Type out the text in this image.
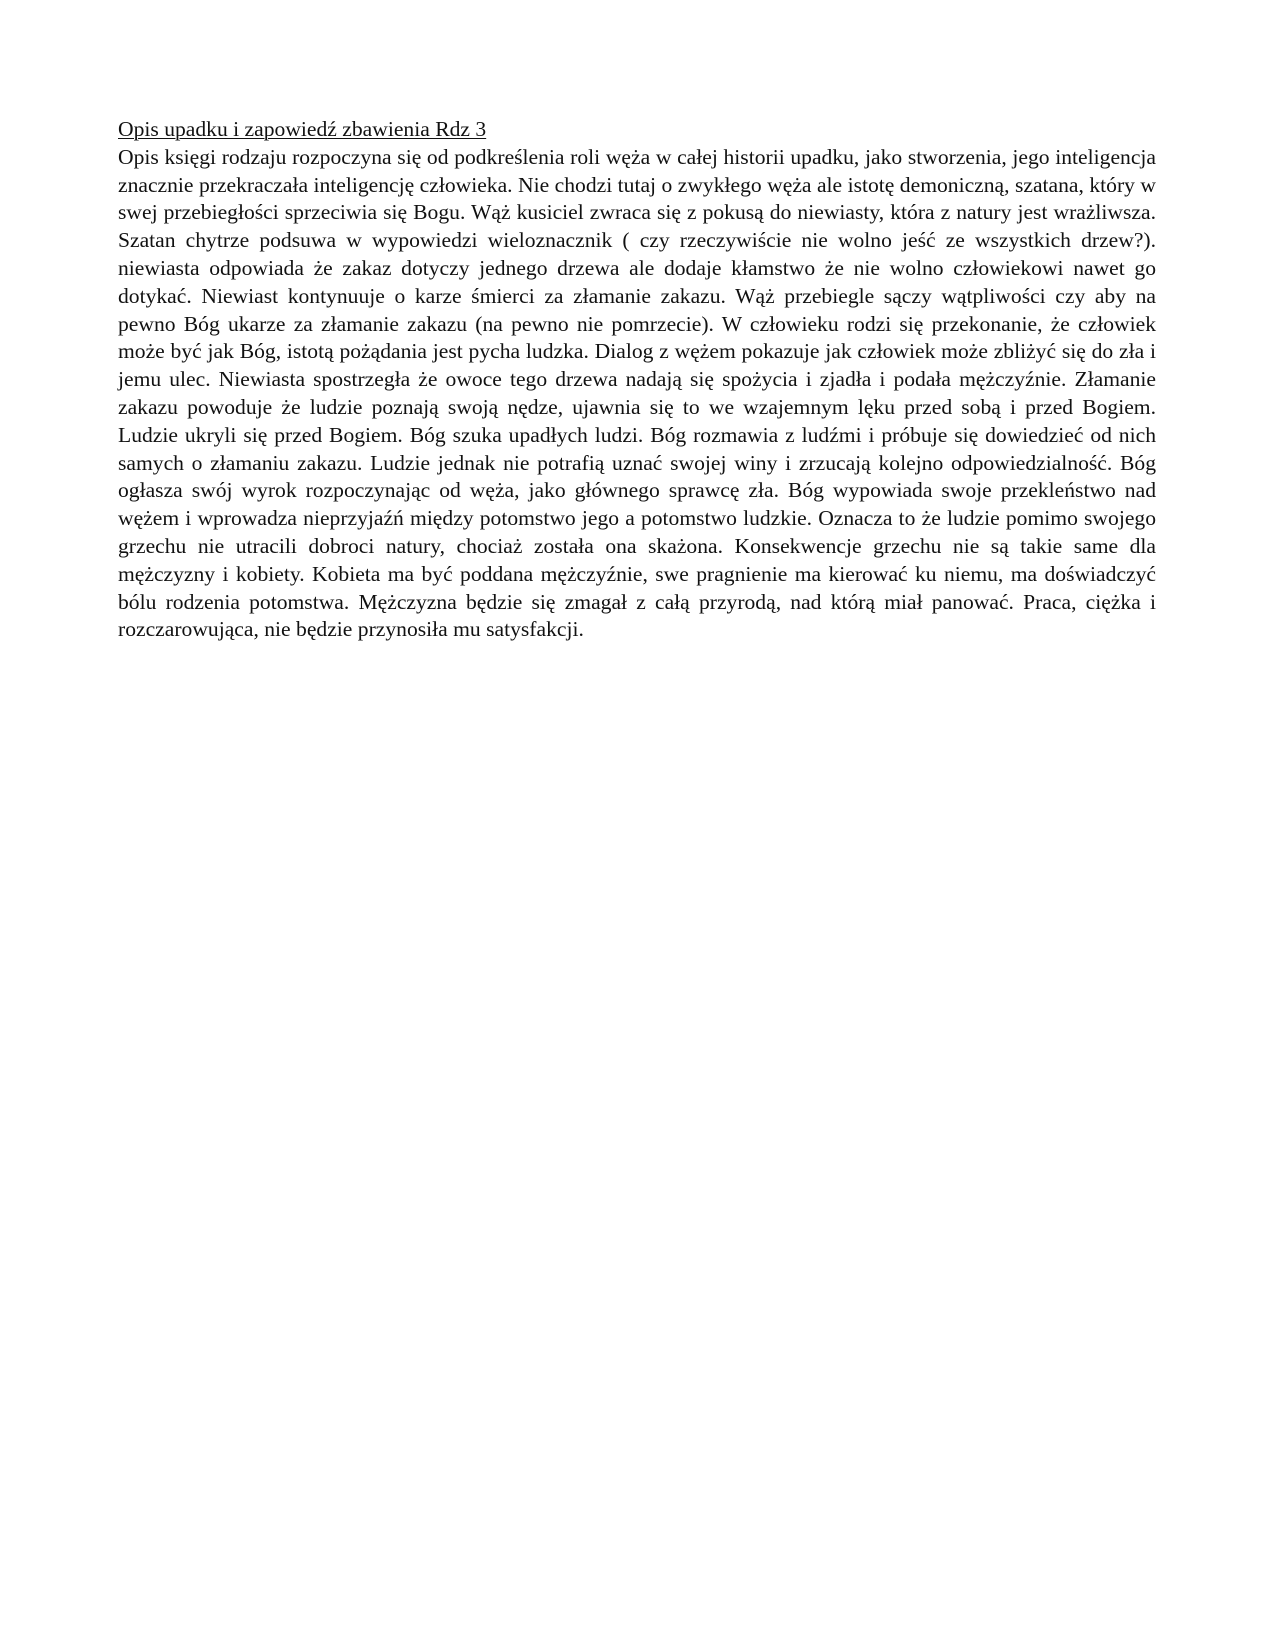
Opis upadku i zapowiedź zbawienia Rdz 3

Opis księgi rodzaju rozpoczyna się od podkreślenia roli węża w całej historii upadku, jako stworzenia, jego inteligencja znacznie przekraczała inteligencję człowieka. Nie chodzi tutaj o zwykłego węża ale istotę demoniczną, szatana, który w swej przebiegłości sprzeciwia się Bogu. Wąż kusiciel zwraca się z pokusą do niewiasty, która z natury jest wrażliwsza. Szatan chytrze podsuwa w wypowiedzi wieloznacznik ( czy rzeczywiście nie wolno jeść ze wszystkich drzew?). niewiasta odpowiada że zakaz dotyczy jednego drzewa ale dodaje kłamstwo że nie wolno człowiekowi nawet go dotykać. Niewiast kontynuuje o karze śmierci za złamanie zakazu. Wąż przebiegle sączy wątpliwości czy aby na pewno Bóg ukarze za złamanie zakazu (na pewno nie pomrzecie). W człowieku rodzi się przekonanie, że człowiek może być jak Bóg, istotą pożądania jest pycha ludzka. Dialog z wężem pokazuje jak człowiek może zbliżyć się do zła i jemu ulec. Niewiasta spostrzegła że owoce tego drzewa nadają się spożycia i zjadła i podała mężczyźnie. Złamanie zakazu powoduje że ludzie poznają swoją nędze, ujawnia się to we wzajemnym lęku przed sobą i przed Bogiem. Ludzie ukryli się przed Bogiem. Bóg szuka upadłych ludzi. Bóg rozmawia z ludźmi i próbuje się dowiedzieć od nich samych o złamaniu zakazu. Ludzie jednak nie potrafią uznać swojej winy i zrzucają kolejno odpowiedzialność. Bóg ogłasza swój wyrok rozpoczynając od węża, jako głównego sprawcę zła. Bóg wypowiada swoje przekleństwo nad wężem i wprowadza nieprzyjaźń między potomstwo jego a potomstwo ludzkie. Oznacza to że ludzie pomimo swojego grzechu nie utracili dobroci natury, chociaż została ona skażona. Konsekwencje grzechu nie są takie same dla mężczyzny i kobiety. Kobieta ma być poddana mężczyźnie, swe pragnienie ma kierować ku niemu, ma doświadczyć bólu rodzenia potomstwa. Mężczyzna będzie się zmagał z całą przyrodą, nad którą miał panować. Praca, ciężka i rozczarowująca, nie będzie przynosiła mu satysfakcji.
